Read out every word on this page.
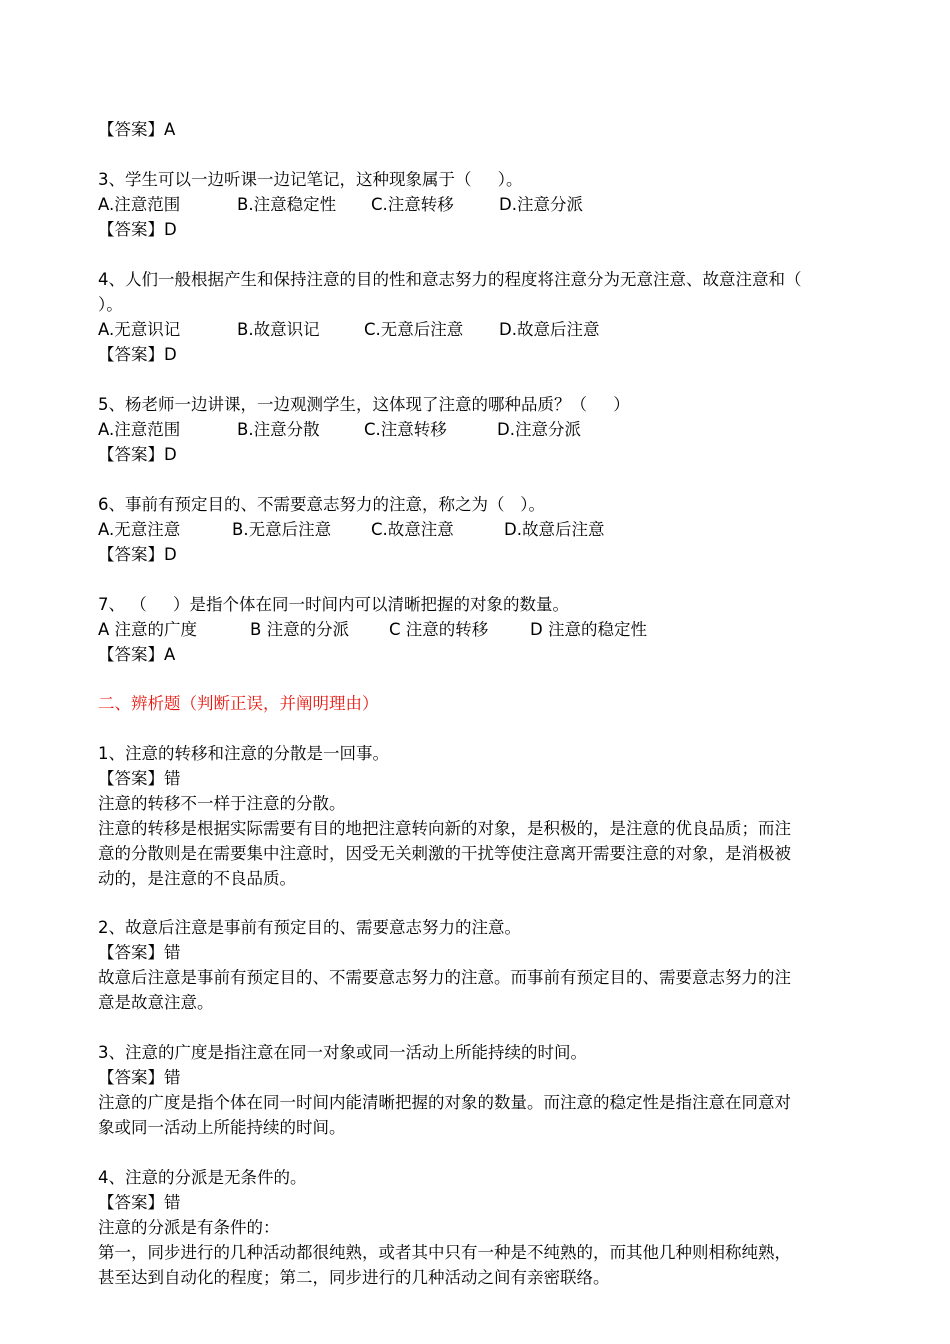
【答案】A
3、学生可以一边听课一边记笔记，这种现象属于（     ）。
A.注意范围	B.注意稳定性 C.注意转移	D.注意分派
【答案】D
4、人们一般根据产生和保持注意的目的性和意志努力的程度将注意分为无意注意、故意注意和（
）。
A.无意识记	B.故意识记	C.无意后注意 D.故意后注意
【答案】D
5、杨老师一边讲课，一边观测学生，这体现了注意的哪种品质？（     ）
A.注意范围	B.注意分散	C.注意转移	D.注意分派
【答案】D
6、事前有预定目的、不需要意志努力的注意，称之为（   ）。
A.无意注意	B.无意后注意 C.故意注意	D.故意后注意
【答案】D
7、 （     ）是指个体在同一时间内可以清晰把握的对象的数量。
A 注意的广度	B 注意的分派 C 注意的转移	D 注意的稳定性
【答案】A
二、辨析题（判断正误，并阐明理由）
1、注意的转移和注意的分散是一回事。
【答案】错
注意的转移不一样于注意的分散。
注意的转移是根据实际需要有目的地把注意转向新的对象，是积极的，是注意的优良品质；而注
意的分散则是在需要集中注意时，因受无关刺激的干扰等使注意离开需要注意的对象，是消极被
动的，是注意的不良品质。
2、故意后注意是事前有预定目的、需要意志努力的注意。
【答案】错
故意后注意是事前有预定目的、不需要意志努力的注意。而事前有预定目的、需要意志努力的注
意是故意注意。
3、注意的广度是指注意在同一对象或同一活动上所能持续的时间。
【答案】错
注意的广度是指个体在同一时间内能清晰把握的对象的数量。而注意的稳定性是指注意在同意对
象或同一活动上所能持续的时间。
4、注意的分派是无条件的。
【答案】错
注意的分派是有条件的：
第一，同步进行的几种活动都很纯熟，或者其中只有一种是不纯熟的，而其他几种则相称纯熟，
甚至达到自动化的程度；第二，同步进行的几种活动之间有亲密联络。
